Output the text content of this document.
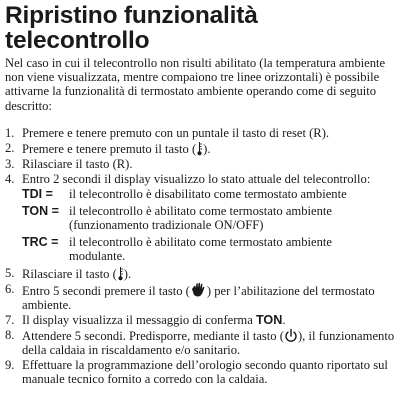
Ripristino funzionalità
telecontrollo

Nel caso in cui il telecontrollo non risulti abilitato (la temperatura ambiente non viene visualizzata, mentre compaiono tre linee orizzontali) è possibile attivarne la funzionalità di termostato ambiente operando come di seguito descritto:

1. Premere e tenere premuto con un puntale il tasto di reset (R).
2. Premere e tenere premuto il tasto ( ).
3. Rilasciare il tasto (R).
4. Entro 2 secondi il display visualizzo lo stato attuale del telecontrollo:
TDI =	il telecontrollo è disabilitato come termostato ambiente
TON = il telecontrollo è abilitato come termostato ambiente (funzionamento tradizionale ON/OFF)
TRC = il telecontrollo è abilitato come termostato ambiente modulante.
5. Rilasciare il tasto ( ).
6. Entro 5 secondi premere il tasto ( ) per l’abilitazione del termostato ambiente.
7. Il display visualizza il messaggio di conferma TON.
8. Attendere 5 secondi. Predisporre, mediante il tasto ( ), il funzionamento della caldaia in riscaldamento e/o sanitario.
9. Effettuare la programmazione dell’orologio secondo quanto riportato sul manuale tecnico fornito a corredo con la caldaia.
